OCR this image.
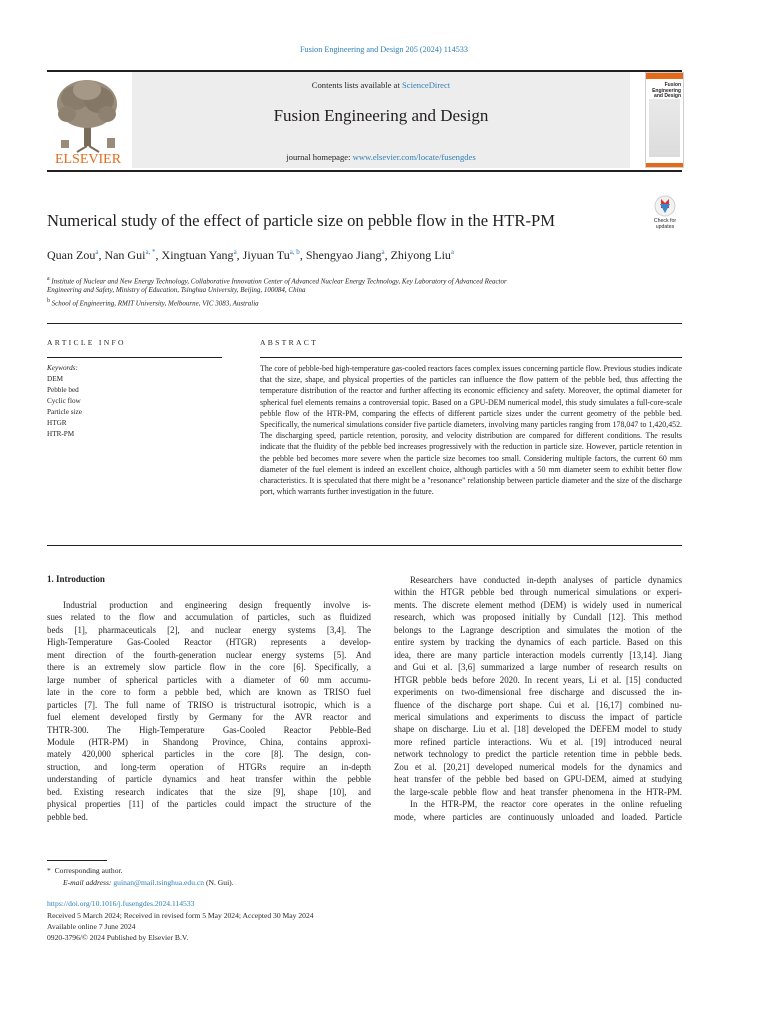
Fusion Engineering and Design 205 (2024) 114533
ELSEVIER
Contents lists available at ScienceDirect
Fusion Engineering and Design
journal homepage: www.elsevier.com/locate/fusengdes
Fusion Engineering and Design
Numerical study of the effect of particle size on pebble flow in the HTR-PM	Check for
updates
Quan Zou$^a$, Nan Gui$^{a, *}$, Xingtuan Yang$^a$, Jiyuan Tu$^{a, b}$, Shengyao Jiang$^a$, Zhiyong Liu$^a$
$^a$ Institute of Nuclear and New Energy Technology, Collaborative Innovation Center of Advanced Nuclear Energy Technology, Key Laboratory of Advanced Reactor
Engineering and Safety, Ministry of Education, Tsinghua University, Beijing, 100084, China
$^b$ School of Engineering, RMIT University, Melbourne, VIC 3083, Australia
ARTICLE INFO	ABSTRACT
Keywords:
DEM
Pebble bed
Cyclic flow
Particle size
HTGR
HTR-PM
The core of pebble-bed high-temperature gas-cooled reactors faces complex issues concerning particle flow. Previous studies indicate that the size, shape, and physical properties of the particles can influence the flow pattern of the pebble bed, thus affecting the temperature distribution of the reactor and further affecting its economic efficiency and safety. Moreover, the optimal diameter for spherical fuel elements remains a controversial topic. Based on a GPU-DEM numerical model, this study simulates a full-core-scale pebble flow of the HTR-PM, comparing the effects of different particle sizes under the current geometry of the pebble bed. Specifically, the numerical simulations consider five particle diameters, involving many particles ranging from 178,047 to 1,420,452. The discharging speed, particle retention, porosity, and velocity distribution are compared for different conditions. The results indicate that the fluidity of the pebble bed increases progressively with the reduction in particle size. However, particle retention in the pebble bed becomes more severe when the particle size becomes too small. Considering multiple factors, the current 60 mm diameter of the fuel element is indeed an excellent choice, although particles with a 50 mm diameter seem to exhibit better flow characteristics. It is speculated that there might be a "resonance" relationship between particle diameter and the size of the discharge port, which warrants further investigation in the future.
1. Introduction
Industrial production and engineering design frequently involve is-
sues related to the flow and accumulation of particles, such as fluidized
beds [1], pharmaceuticals [2], and nuclear energy systems [3,4]. The
High-Temperature Gas-Cooled Reactor (HTGR) represents a develop-
ment direction of the fourth-generation nuclear energy systems [5]. And
there is an extremely slow particle flow in the core [6]. Specifically, a
large number of spherical particles with a diameter of 60 mm accumu-
late in the core to form a pebble bed, which are known as TRISO fuel
particles [7]. The full name of TRISO is tristructural isotropic, which is a
fuel element developed firstly by Germany for the AVR reactor and
THTR-300. The High-Temperature Gas-Cooled Reactor Pebble-Bed
Module (HTR-PM) in Shandong Province, China, contains approxi-
mately 420,000 spherical particles in the core [8]. The design, con-
struction, and long-term operation of HTGRs require an in-depth
understanding of particle dynamics and heat transfer within the pebble
bed. Existing research indicates that the size [9], shape [10], and
physical properties [11] of the particles could impact the structure of the
pebble bed.
Researchers have conducted in-depth analyses of particle dynamics
within the HTGR pebble bed through numerical simulations or experi-
ments. The discrete element method (DEM) is widely used in numerical
research, which was proposed initially by Cundall [12]. This method
belongs to the Lagrange description and simulates the motion of the
entire system by tracking the dynamics of each particle. Based on this
idea, there are many particle interaction models currently [13,14]. Jiang
and Gui et al. [3,6] summarized a large number of research results on
HTGR pebble beds before 2020. In recent years, Li et al. [15] conducted
experiments on two-dimensional free discharge and discussed the in-
fluence of the discharge port shape. Cui et al. [16,17] combined nu-
merical simulations and experiments to discuss the impact of particle
shape on discharge. Liu et al. [18] developed the DEFEM model to study
more refined particle interactions. Wu et al. [19] introduced neural
network technology to predict the particle retention time in pebble beds.
Zou et al. [20,21] developed numerical models for the dynamics and
heat transfer of the pebble bed based on GPU-DEM, aimed at studying
the large-scale pebble flow and heat transfer phenomena in the HTR-PM.
In the HTR-PM, the reactor core operates in the online refueling
mode, where particles are continuously unloaded and loaded. Particle
* Corresponding author.
E-mail address: guinan@mail.tsinghua.edu.cn (N. Gui).
https://doi.org/10.1016/j.fusengdes.2024.114533
Received 5 March 2024; Received in revised form 5 May 2024; Accepted 30 May 2024
Available online 7 June 2024
0920-3796/© 2024 Published by Elsevier B.V.
